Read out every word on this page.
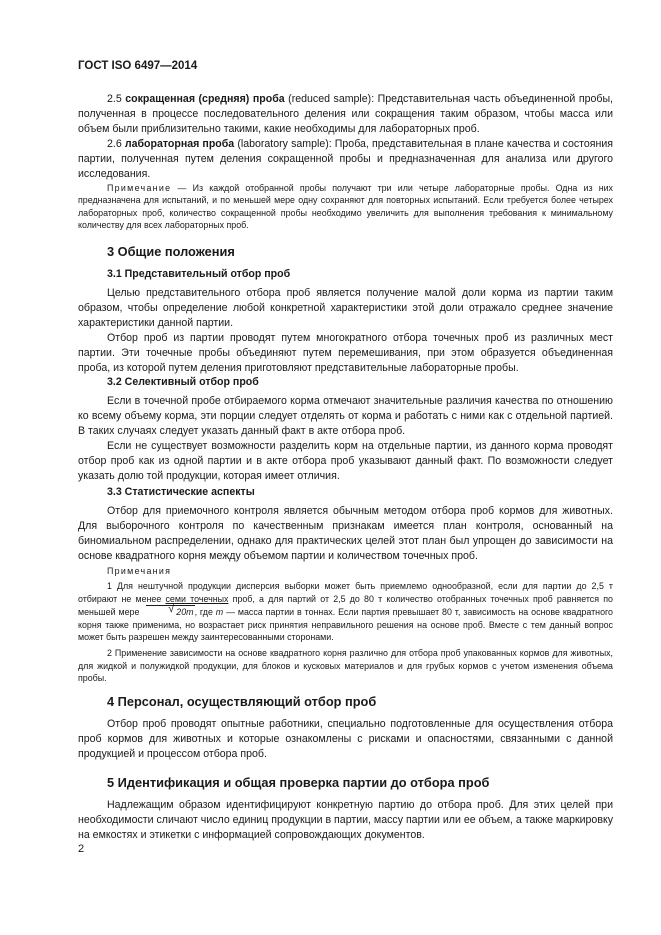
ГОСТ ISO 6497—2014

2.5 сокращенная (средняя) проба (reduced sample): Представительная часть объединенной пробы, полученная в процессе последовательного деления или сокращения таким образом, чтобы масса или объем были приблизительно такими, какие необходимы для лабораторных проб.

2.6 лабораторная проба (laboratory sample): Проба, представительная в плане качества и состояния партии, полученная путем деления сокращенной пробы и предназначенная для анализа или другого исследования.

Примечание — Из каждой отобранной пробы получают три или четыре лабораторные пробы. Одна из них предназначена для испытаний, и по меньшей мере одну сохраняют для повторных испытаний. Если требуется более четырех лабораторных проб, количество сокращенной пробы необходимо увеличить для выполнения требования к минимальному количеству для всех лабораторных проб.

3 Общие положения
3.1 Представительный отбор проб

Целью представительного отбора проб является получение малой доли корма из партии таким образом, чтобы определение любой конкретной характеристики этой доли отражало среднее значение характеристики данной партии.

Отбор проб из партии проводят путем многократного отбора точечных проб из различных мест партии. Эти точечные пробы объединяют путем перемешивания, при этом образуется объединенная проба, из которой путем деления приготовляют представительные лабораторные пробы.

3.2 Селективный отбор проб

Если в точечной пробе отбираемого корма отмечают значительные различия качества по отношению ко всему объему корма, эти порции следует отделять от корма и работать с ними как с отдельной партией. В таких случаях следует указать данный факт в акте отбора проб.

Если не существует возможности разделить корм на отдельные партии, из данного корма проводят отбор проб как из одной партии и в акте отбора проб указывают данный факт. По возможности следует указать долю той продукции, которая имеет отличия.

3.3 Статистические аспекты

Отбор для приемочного контроля является обычным методом отбора проб кормов для животных. Для выборочного контроля по качественным признакам имеется план контроля, основанный на биномиальном распределении, однако для практических целей этот план был упрощен до зависимости на основе квадратного корня между объемом партии и количеством точечных проб.

Примечания

1 Для нештучной продукции дисперсия выборки может быть приемлемо однообразной, если для партии до 2,5 т отбирают не менее семи точечных проб, а для партий от 2,5 до 80 т количество отобранных точечных проб равняется по меньшей мере √	20m, где m — масса партии в тоннах. Если партия превышает 80 т, зависимость на основе квадратного корня также применима, но возрастает риск принятия неправильного решения на основе проб. Вместе с тем данный вопрос может быть разрешен между заинтересованными сторонами.

2 Применение зависимости на основе квадратного корня различно для отбора проб упакованных кормов для животных, для жидкой и полужидкой продукции, для блоков и кусковых материалов и для грубых кормов с учетом изменения объема пробы.

4 Персонал, осуществляющий отбор проб

Отбор проб проводят опытные работники, специально подготовленные для осуществления отбора проб кормов для животных и которые ознакомлены с рисками и опасностями, связанными с данной продукцией и процессом отбора проб.

5 Идентификация и общая проверка партии до отбора проб

Надлежащим образом идентифицируют конкретную партию до отбора проб. Для этих целей при необходимости сличают число единиц продукции в партии, массу партии или ее объем, а также маркировку на емкостях и этикетки с информацией сопровождающих документов.

2
